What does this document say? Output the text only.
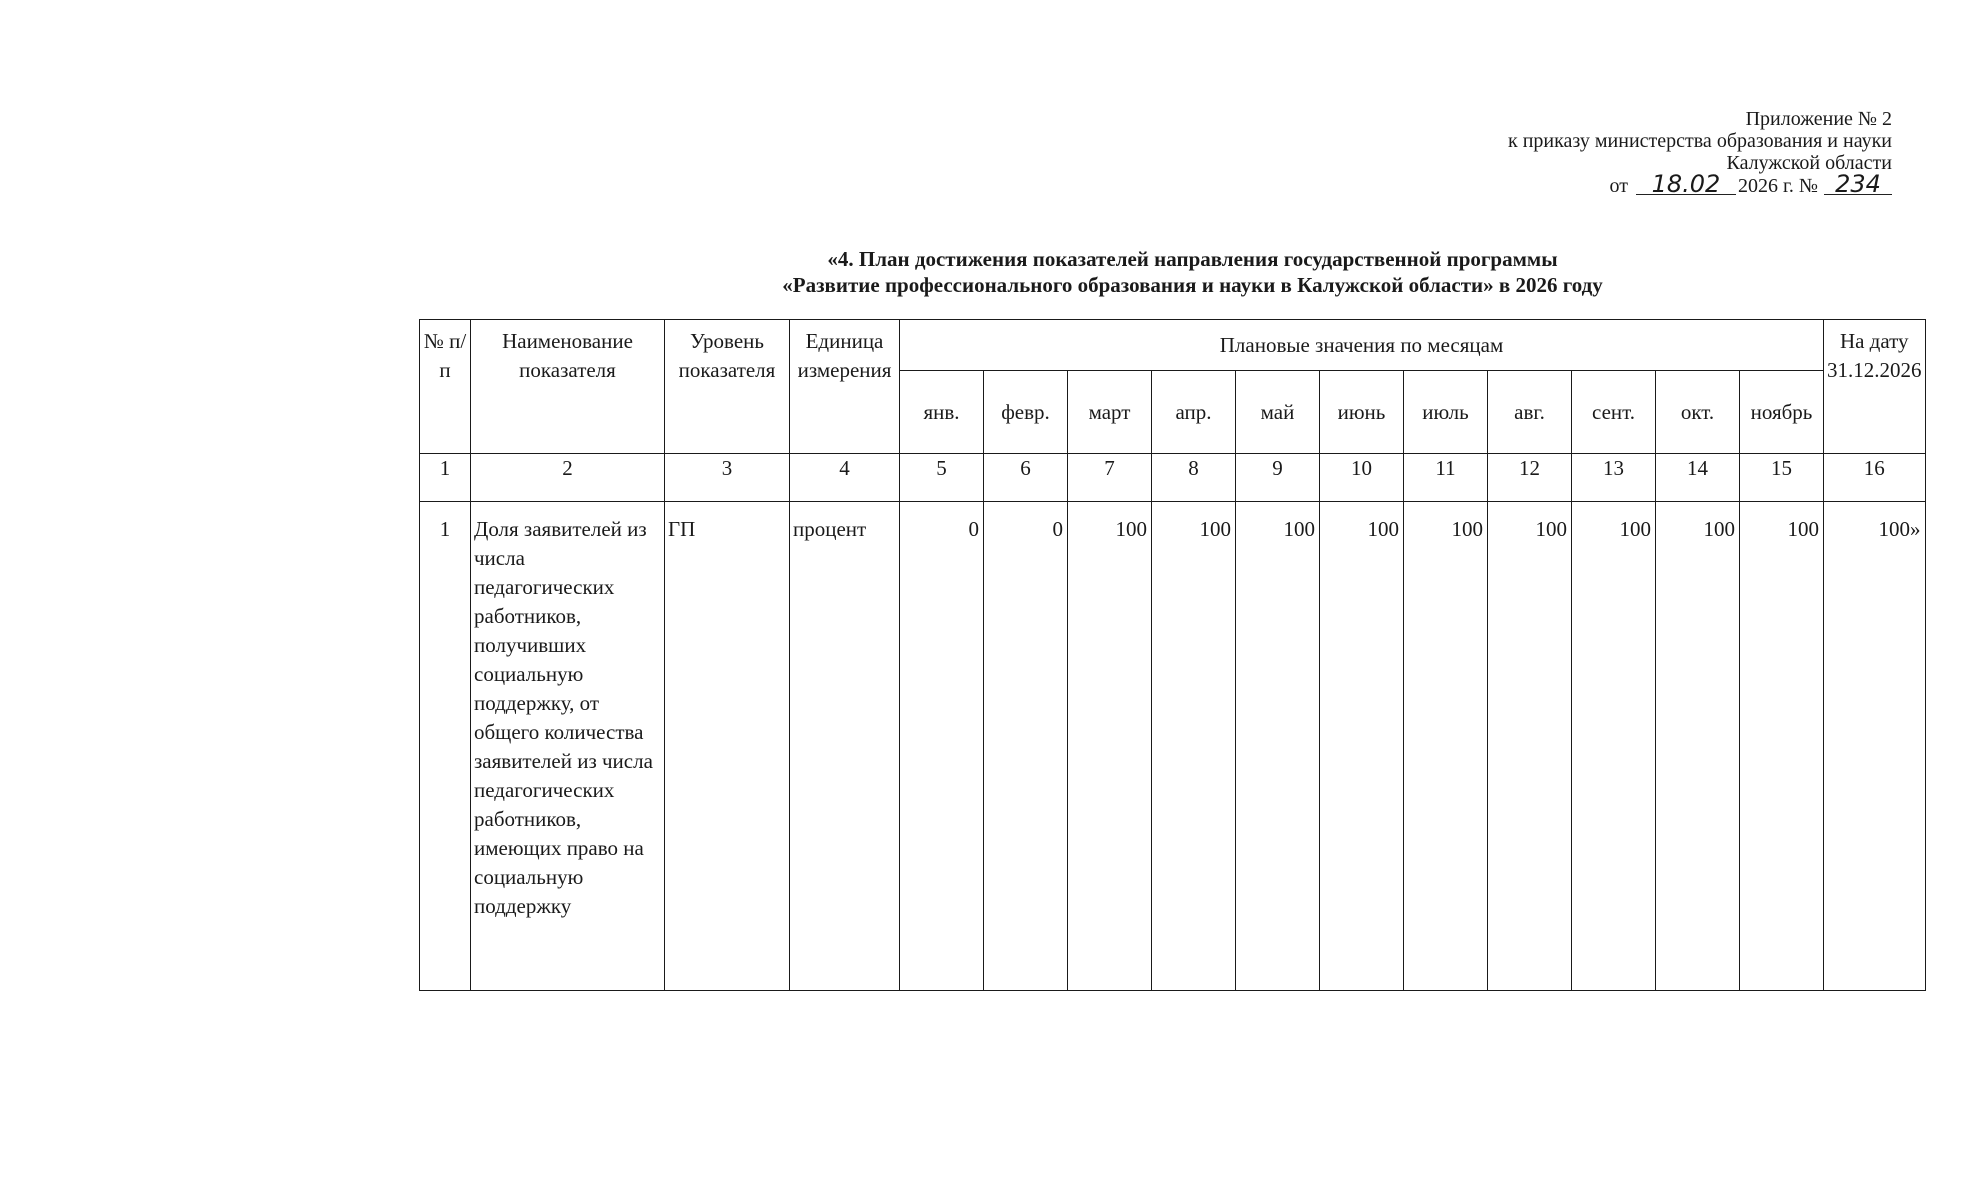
Приложение № 2
к приказу министерства образования и науки
Калужской области
от 18.02 2026 г. № 234
«4. План достижения показателей направления государственной программы
«Развитие профессионального образования и науки в Калужской области» в 2026 году
№ п/п	Наименование показателя	Уровень показателя	Единица измерения	Плановые значения по месяцам											На дату 31.12.2026
				янв.	февр.	март	апр.	май	июнь	июль	авг.	сент.	окт.	ноябрь	
1	2	3	4	5	6	7	8	9	10	11	12	13	14	15	16
1	Доля заявителей из числа педагогических работников, получивших социальную поддержку, от общего количества заявителей из числа педагогических работников, имеющих право на социальную поддержку	ГП	процент	0	0	100	100	100	100	100	100	100	100	100	100»
